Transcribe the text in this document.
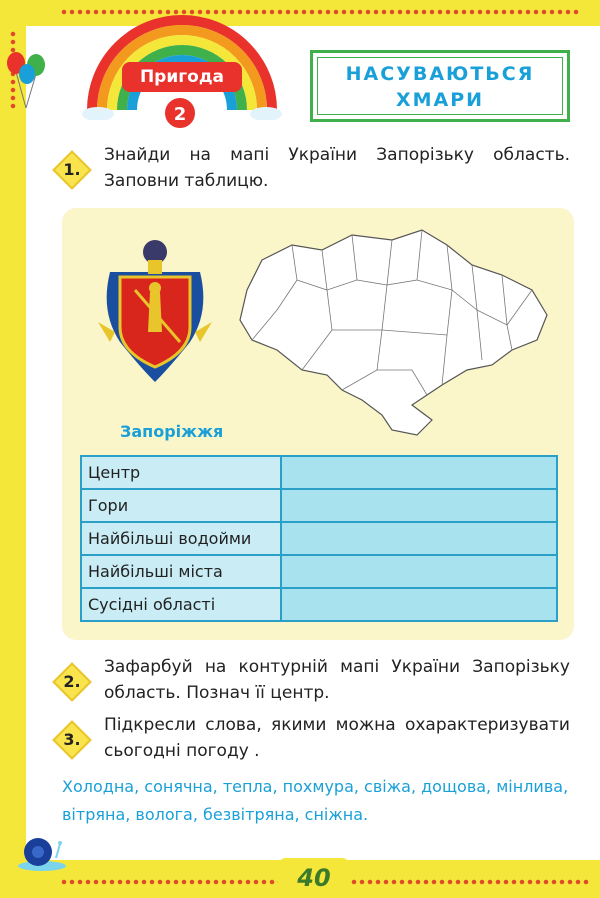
Пригода
2
НАСУВАЮТЬСЯ
ХМАРИ
1.
Знайди на мапі України Запорізьку область. Заповни таблицю.
Запоріжжя
Центр	
Гори	
Найбільші водойми	
Найбільші міста	
Сусідні області	
2.
Зафарбуй на контурній мапі України Запорізьку область. Познач її центр.
3.
Підкресли слова, якими можна охарактеризувати сьогодні погоду .
Холодна, сонячна, тепла, похмура, свіжа, дощова, мінлива, вітряна, волога, безвітряна, сніжна.
40
